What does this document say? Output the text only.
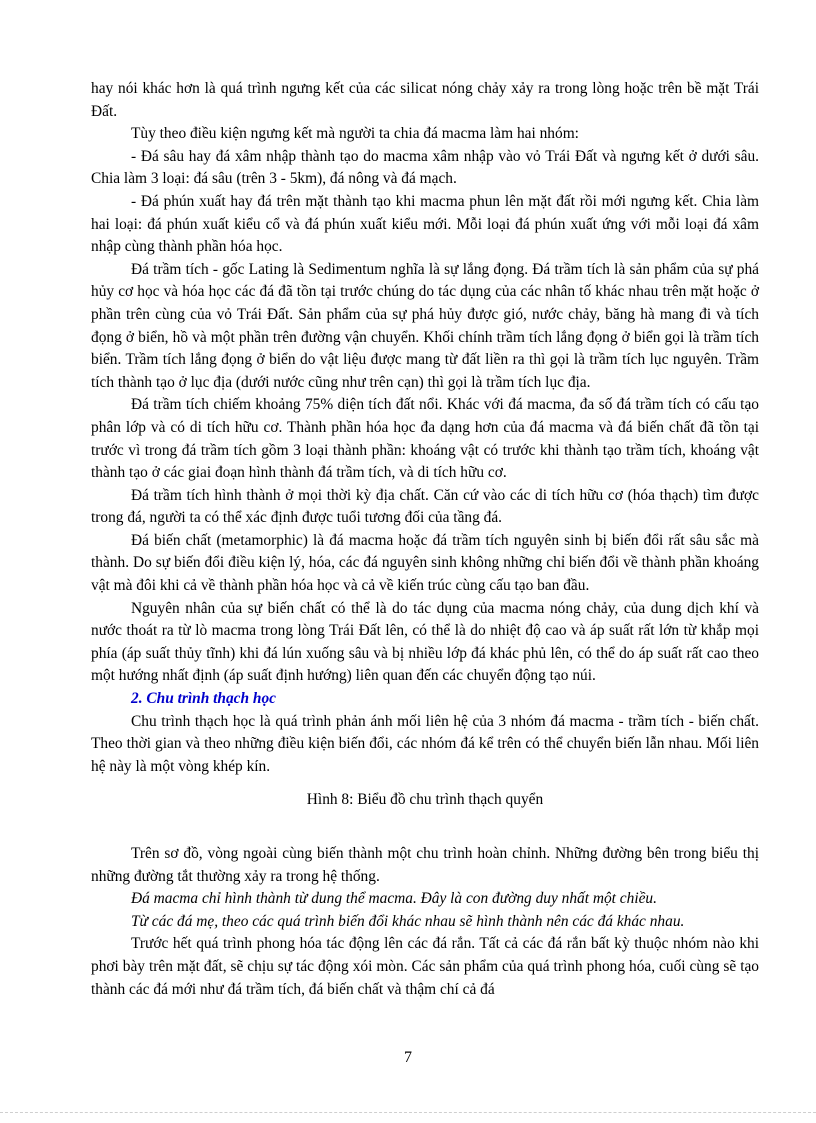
hay nói khác hơn là quá trình ngưng kết của các silicat nóng chảy xảy ra trong lòng hoặc trên bề mặt Trái Đất.

Tùy theo điều kiện ngưng kết mà người ta chia đá macma làm hai nhóm:

- Đá sâu hay đá xâm nhập thành tạo do macma xâm nhập vào vỏ Trái Đất và ngưng kết ở dưới sâu. Chia làm 3 loại: đá sâu (trên 3 - 5km), đá nông và đá mạch.

- Đá phún xuất hay đá trên mặt thành tạo khi macma phun lên mặt đất rồi mới ngưng kết. Chia làm hai loại: đá phún xuất kiểu cổ và đá phún xuất kiểu mới. Mỗi loại đá phún xuất ứng với mỗi loại đá xâm nhập cùng thành phần hóa học.

Đá trầm tích - gốc Lating là Sedimentum nghĩa là sự lắng đọng. Đá trầm tích là sản phẩm của sự phá hủy cơ học và hóa học các đá đã tồn tại trước chúng do tác dụng của các nhân tố khác nhau trên mặt hoặc ở phần trên cùng của vỏ Trái Đất. Sản phẩm của sự phá hủy được gió, nước chảy, băng hà mang đi và tích đọng ở biển, hồ và một phần trên đường vận chuyển. Khối chính trầm tích lắng đọng ở biển gọi là trầm tích biển. Trầm tích lắng đọng ở biển do vật liệu được mang từ đất liền ra thì gọi là trầm tích lục nguyên. Trầm tích thành tạo ở lục địa (dưới nước cũng như trên cạn) thì gọi là trầm tích lục địa.

Đá trầm tích chiếm khoảng 75% diện tích đất nổi. Khác với đá macma, đa số đá trầm tích có cấu tạo phân lớp và có di tích hữu cơ. Thành phần hóa học đa dạng hơn của đá macma và đá biến chất đã tồn tại trước vì trong đá trầm tích gồm 3 loại thành phần: khoáng vật có trước khi thành tạo trầm tích, khoáng vật thành tạo ở các giai đoạn hình thành đá trầm tích, và di tích hữu cơ.

Đá trầm tích hình thành ở mọi thời kỳ địa chất. Căn cứ vào các di tích hữu cơ (hóa thạch) tìm được trong đá, người ta có thể xác định được tuổi tương đối của tầng đá.

Đá biến chất (metamorphic) là đá macma hoặc đá trầm tích nguyên sinh bị biến đổi rất sâu sắc mà thành. Do sự biến đổi điều kiện lý, hóa, các đá nguyên sinh không những chỉ biến đổi về thành phần khoáng vật mà đôi khi cả về thành phần hóa học và cả về kiến trúc cùng cấu tạo ban đầu.

Nguyên nhân của sự biến chất có thể là do tác dụng của macma nóng chảy, của dung dịch khí và nước thoát ra từ lò macma trong lòng Trái Đất lên, có thể là do nhiệt độ cao và áp suất rất lớn từ khắp mọi phía (áp suất thủy tĩnh) khi đá lún xuống sâu và bị nhiều lớp đá khác phủ lên, có thể do áp suất rất cao theo một hướng nhất định (áp suất định hướng) liên quan đến các chuyển động tạo núi.

2. Chu trình thạch học

Chu trình thạch học là quá trình phản ánh mối liên hệ của 3 nhóm đá macma - trầm tích - biến chất. Theo thời gian và theo những điều kiện biến đổi, các nhóm đá kể trên có thể chuyển biến lẫn nhau. Mối liên hệ này là một vòng khép kín.

Hình 8: Biểu đồ chu trình thạch quyển

Trên sơ đồ, vòng ngoài cùng biến thành một chu trình hoàn chỉnh. Những đường bên trong biểu thị những đường tắt thường xảy ra trong hệ thống.

Đá macma chỉ hình thành từ dung thể macma. Đây là con đường duy nhất một chiều.

Từ các đá mẹ, theo các quá trình biến đổi khác nhau sẽ hình thành nên các đá khác nhau.

Trước hết quá trình phong hóa tác động lên các đá rắn. Tất cả các đá rắn bất kỳ thuộc nhóm nào khi phơi bày trên mặt đất, sẽ chịu sự tác động xói mòn. Các sản phẩm của quá trình phong hóa, cuối cùng sẽ tạo thành các đá mới như đá trầm tích, đá biến chất và thậm chí cả đá

7
